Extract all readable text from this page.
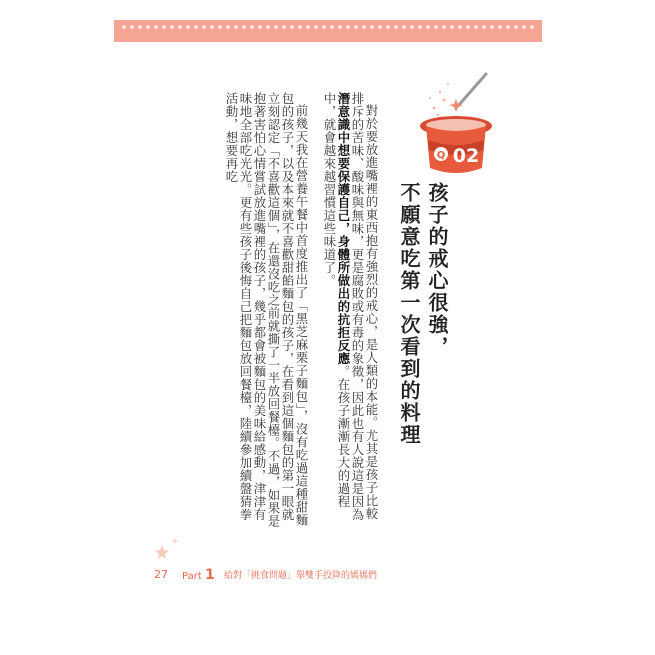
Q 02
孩子的戒心很強，
不願意吃第一次看到的料理

對於要放進嘴裡的東西抱有強烈的戒心，是人類的本能。尤其是孩子比較排斥的苦味、酸味與無味，更是腐敗或有毒的象徵，因此也有人說這是因為潛意識中想要保護自己，身體所做出的抗拒反應。在孩子漸漸長大的過程中，就會越來越習慣這些味道了。

前幾天我在營養午餐中首度推出了「黑芝麻栗子麵包」，沒有吃過這種甜麵包的孩子，以及本來就不喜歡甜餡麵包的孩子，在看到這個麵包的第一眼就立刻認定「不喜歡這個」，在還沒吃之前就撕了一半放回餐檯。不過，如果是抱著害怕心情嘗試放進嘴裡的孩子，幾乎都會被麵包的美味給感動，津津有味地全部吃光光。更有些孩子後悔自己把麵包放回餐檯，陸續參加續盤猜拳活動，想要再吃

27	Part 1 給對「挑食問題」舉雙手投降的媽媽們
